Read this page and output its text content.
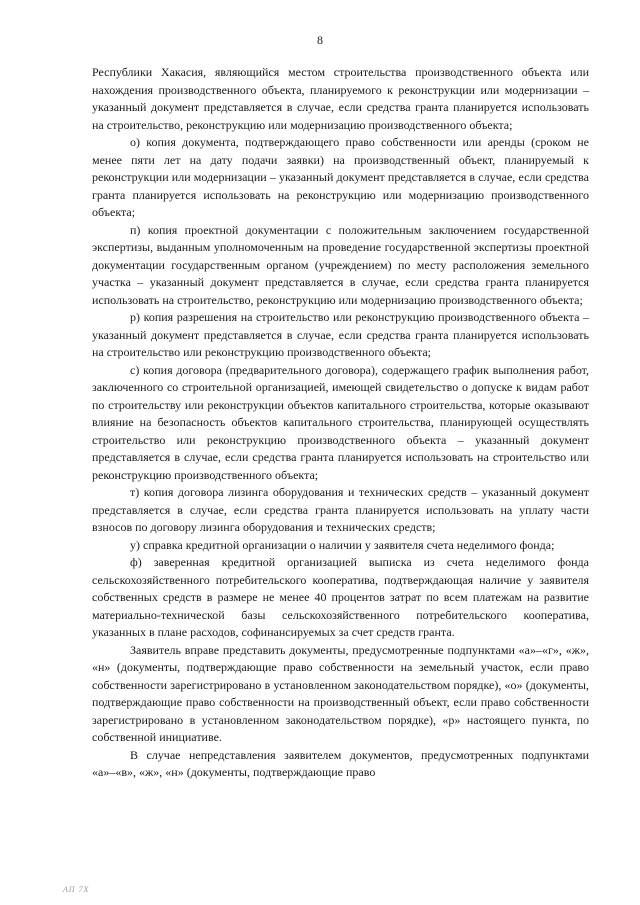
8

Республики Хакасия, являющийся местом строительства производственного объекта или нахождения производственного объекта, планируемого к реконструкции или модернизации – указанный документ представляется в случае, если средства гранта планируется использовать на строительство, реконструкцию или модернизацию производственного объекта;

о) копия документа, подтверждающего право собственности или аренды (сроком не менее пяти лет на дату подачи заявки) на производственный объект, планируемый к реконструкции или модернизации – указанный документ представляется в случае, если средства гранта планируется использовать на реконструкцию или модернизацию производственного объекта;

п) копия проектной документации с положительным заключением государственной экспертизы, выданным уполномоченным на проведение государственной экспертизы проектной документации государственным органом (учреждением) по месту расположения земельного участка – указанный документ представляется в случае, если средства гранта планируется использовать на строительство, реконструкцию или модернизацию производственного объекта;

р) копия разрешения на строительство или реконструкцию производственного объекта – указанный документ представляется в случае, если средства гранта планируется использовать на строительство или реконструкцию производственного объекта;

с) копия договора (предварительного договора), содержащего график выполнения работ, заключенного со строительной организацией, имеющей свидетельство о допуске к видам работ по строительству или реконструкции объектов капитального строительства, которые оказывают влияние на безопасность объектов капитального строительства, планирующей осуществлять строительство или реконструкцию производственного объекта – указанный документ представляется в случае, если средства гранта планируется использовать на строительство или реконструкцию производственного объекта;

т) копия договора лизинга оборудования и технических средств – указанный документ представляется в случае, если средства гранта планируется использовать на уплату части взносов по договору лизинга оборудования и технических средств;

у) справка кредитной организации о наличии у заявителя счета неделимого фонда;

ф) заверенная кредитной организацией выписка из счета неделимого фонда сельскохозяйственного потребительского кооператива, подтверждающая наличие у заявителя собственных средств в размере не менее 40 процентов затрат по всем платежам на развитие материально-технической базы сельскохозяйственного потребительского кооператива, указанных в плане расходов, софинансируемых за счет средств гранта.

Заявитель вправе представить документы, предусмотренные подпунктами «а»–«г», «ж», «н» (документы, подтверждающие право собственности на земельный участок, если право собственности зарегистрировано в установленном законодательством порядке), «о» (документы, подтверждающие право собственности на производственный объект, если право собственности зарегистрировано в установленном законодательством порядке), «р» настоящего пункта, по собственной инициативе.

В случае непредставления заявителем документов, предусмотренных подпунктами «а»–«в», «ж», «н» (документы, подтверждающие право

АП 7Х
